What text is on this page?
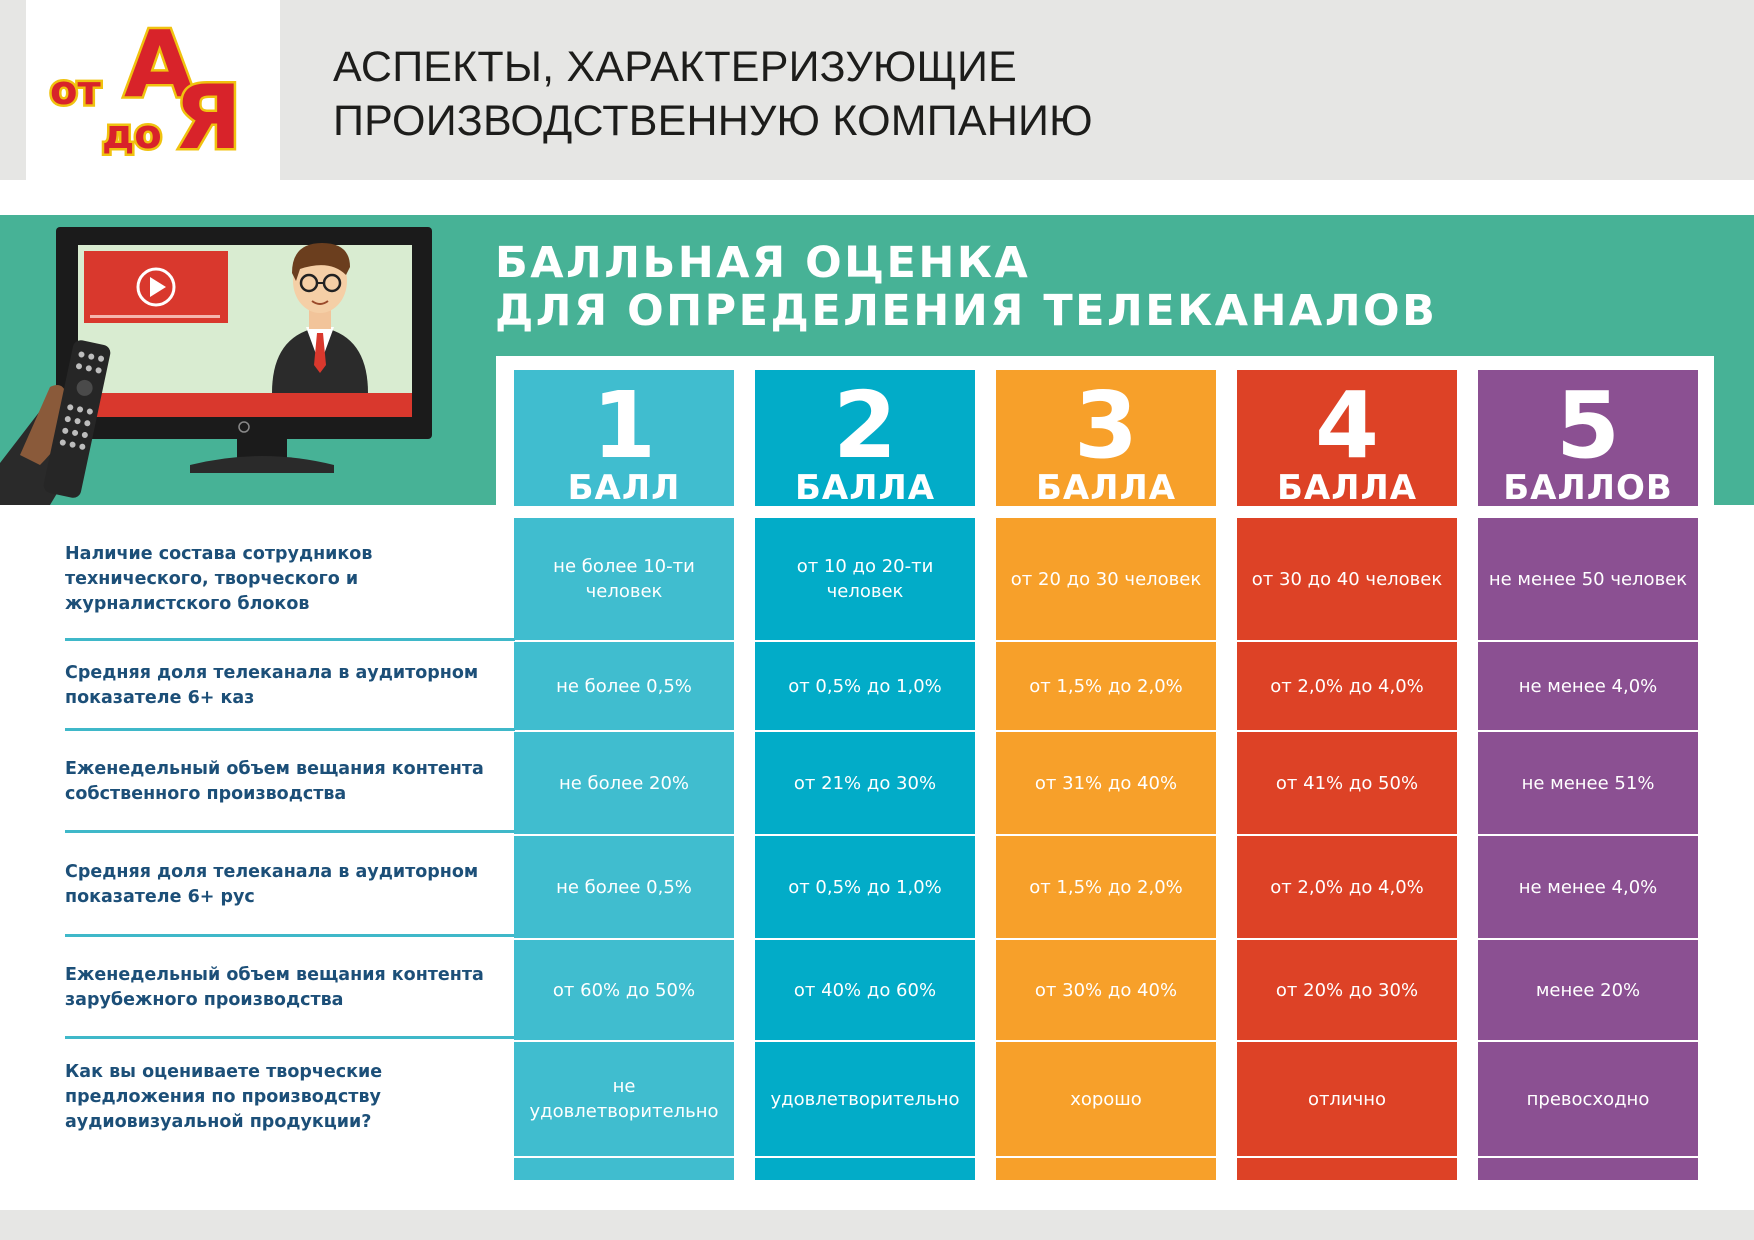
от А
до Я АСПЕКТЫ, ХАРАКТЕРИЗУЮЩИЕ
ПРОИЗВОДСТВЕННУЮ КОМПАНИЮ
БАЛЛЬНАЯ ОЦЕНКА
ДЛЯ ОПРЕДЕЛЕНИЯ ТЕЛЕКАНАЛОВ
Наличие состава сотрудников технического, творческого и журналистского блоков
Средняя доля телеканала в аудиторном показателе 6+ каз
Еженедельный объем вещания контента собственного производства
Средняя доля телеканала в аудиторном показателе 6+ рус
Еженедельный объем вещания контента зарубежного производства
Как вы оцениваете творческие предложения по производству аудиовизуальной продукции?
1
БАЛЛ
не более 10-ти человек
не более 0,5%
не более 20%
не более 0,5%
от 60% до 50%
не удовлетворительно
2
БАЛЛА
от 10 до 20-ти человек
от 0,5% до 1,0%
от 21% до 30%
от 0,5% до 1,0%
от 40% до 60%
удовлетворительно
3
БАЛЛА
от 20 до 30 человек
от 1,5% до 2,0%
от 31% до 40%
от 1,5% до 2,0%
от 30% до 40%
хорошо
4
БАЛЛА
от 30 до 40 человек
от 2,0% до 4,0%
от 41% до 50%
от 2,0% до 4,0%
от 20% до 30%
отлично
5
БАЛЛОВ
не менее 50 человек
не менее 4,0%
не менее 51%
не менее 4,0%
менее 20%
превосходно
